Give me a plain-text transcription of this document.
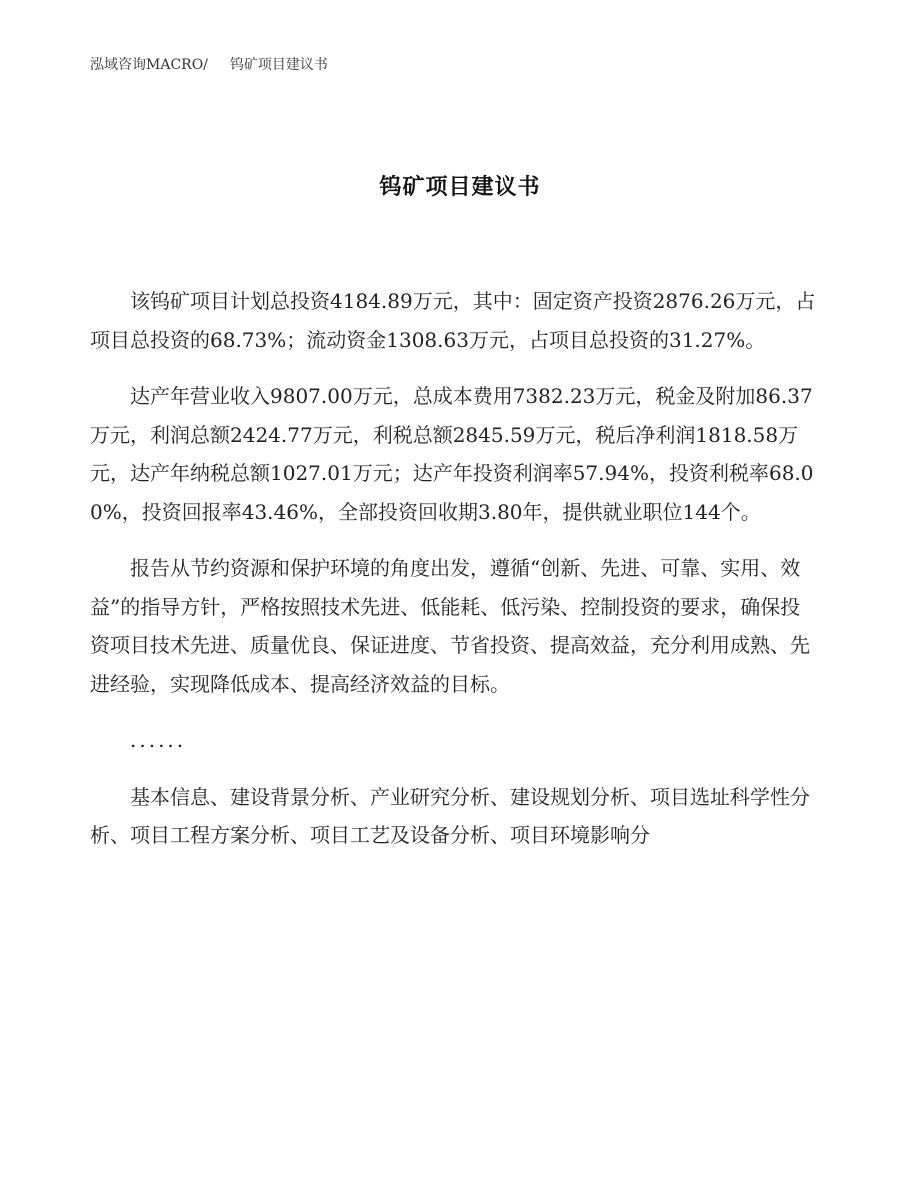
泓域咨询MACRO/ 钨矿项目建议书
钨矿项目建议书

该钨矿项目计划总投资4184.89万元，其中：固定资产投资2876.26万元，占项目总投资的68.73%；流动资金1308.63万元，占项目总投资的31.27%。

达产年营业收入9807.00万元，总成本费用7382.23万元，税金及附加86.37万元，利润总额2424.77万元，利税总额2845.59万元，税后净利润1818.58万元，达产年纳税总额1027.01万元；达产年投资利润率57.94%，投资利税率68.00%，投资回报率43.46%，全部投资回收期3.80年，提供就业职位144个。

报告从节约资源和保护环境的角度出发，遵循“创新、先进、可靠、实用、效益”的指导方针，严格按照技术先进、低能耗、低污染、控制投资的要求，确保投资项目技术先进、质量优良、保证进度、节省投资、提高效益，充分利用成熟、先进经验，实现降低成本、提高经济效益的目标。

......

基本信息、建设背景分析、产业研究分析、建设规划分析、项目选址科学性分析、项目工程方案分析、项目工艺及设备分析、项目环境影响分
